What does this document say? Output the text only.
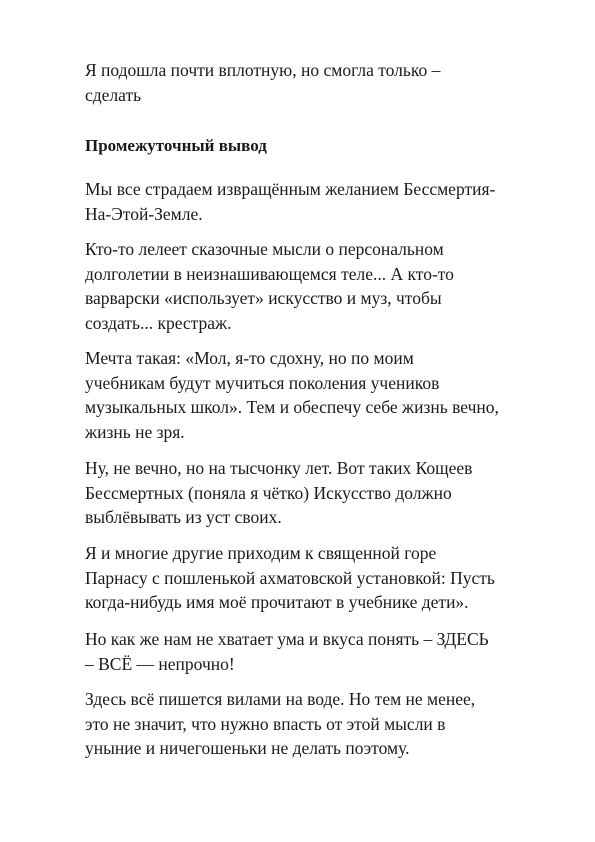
Я подошла почти вплотную, но смогла только –
сделать
Промежуточный вывод
Мы все страдаем извращённым желанием Бессмертия-
На-Этой-Земле.
Кто-то лелеет сказочные мысли о персональном
долголетии в неизнашивающемся теле... А кто-то
варварски «использует» искусство и муз, чтобы
создать... крестраж.
Мечта такая: «Мол, я-то сдохну, но по моим
учебникам будут мучиться поколения учеников
музыкальных школ». Тем и обеспечу себе жизнь вечно,
жизнь не зря.
Ну, не вечно, но на тысчонку лет. Вот таких Кощеев
Бессмертных (поняла я чётко) Искусство должно
выблёвывать из уст своих.
Я и многие другие приходим к священной горе
Парнасу с пошленькой ахматовской установкой: Пусть
когда-нибудь имя моё прочитают в учебнике дети».
Но как же нам не хватает ума и вкуса понять – ЗДЕСЬ
– ВСЁ — непрочно!
Здесь всё пишется вилами на воде. Но тем не менее,
это не значит, что нужно впасть от этой мысли в
уныние и ничегошеньки не делать поэтому.
